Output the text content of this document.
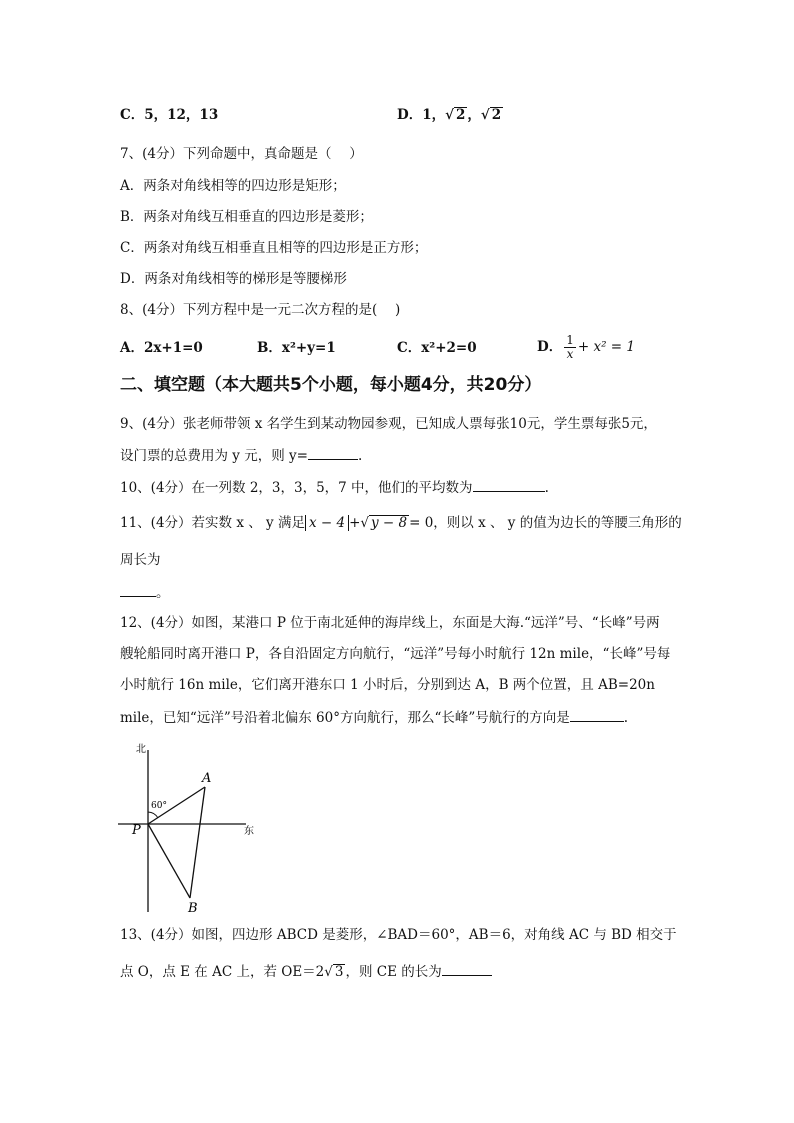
C．5，12，13	D．1，√ 2 ，√ 2
7、(4分）下列命题中，真命题是（　 ）
A．两条对角线相等的四边形是矩形；
B．两条对角线互相垂直的四边形是菱形；
C．两条对角线互相垂直且相等的四边形是正方形；
D．两条对角线相等的梯形是等腰梯形
8、(4分）下列方程中是一元二次方程的是(　 )
A．2x+1=0	B．x²+y=1	C．x²+2=0	D． $\frac{1}{x} + x^2 = 1$
二、填空题（本大题共5个小题，每小题4分，共20分）
9、(4分）张老师带领 x 名学生到某动物园参观，已知成人票每张10元，学生票每张5元，
设门票的总费用为 y 元，则 y=	.
10、(4分）在一列数 2，3，3，5，7 中，他们的平均数为	.
11、(4分）若实数 x 、 y 满足 x − 4 +√ y − 8 = 0，则以 x 、 y 的值为边长的等腰三角形的
周长为
。
12、(4分）如图，某港口 P 位于南北延伸的海岸线上，东面是大海.“远洋”号、“长峰”号两
艘轮船同时离开港口 P，各自沿固定方向航行，“远洋”号每小时航行 12n mile，“长峰”号每
小时航行 16n mile，它们离开港东口 1 小时后，分别到达 A，B 两个位置，且 AB=20n
mile，已知“远洋”号沿着北偏东 60°方向航行，那么“长峰”号航行的方向是	.
北
东
60°
P
A
B
13、(4分）如图，四边形 ABCD 是菱形，∠BAD＝60°，AB＝6，对角线 AC 与 BD 相交于
点 O，点 E 在 AC 上，若 OE＝2√ 3 ，则 CE 的长为
